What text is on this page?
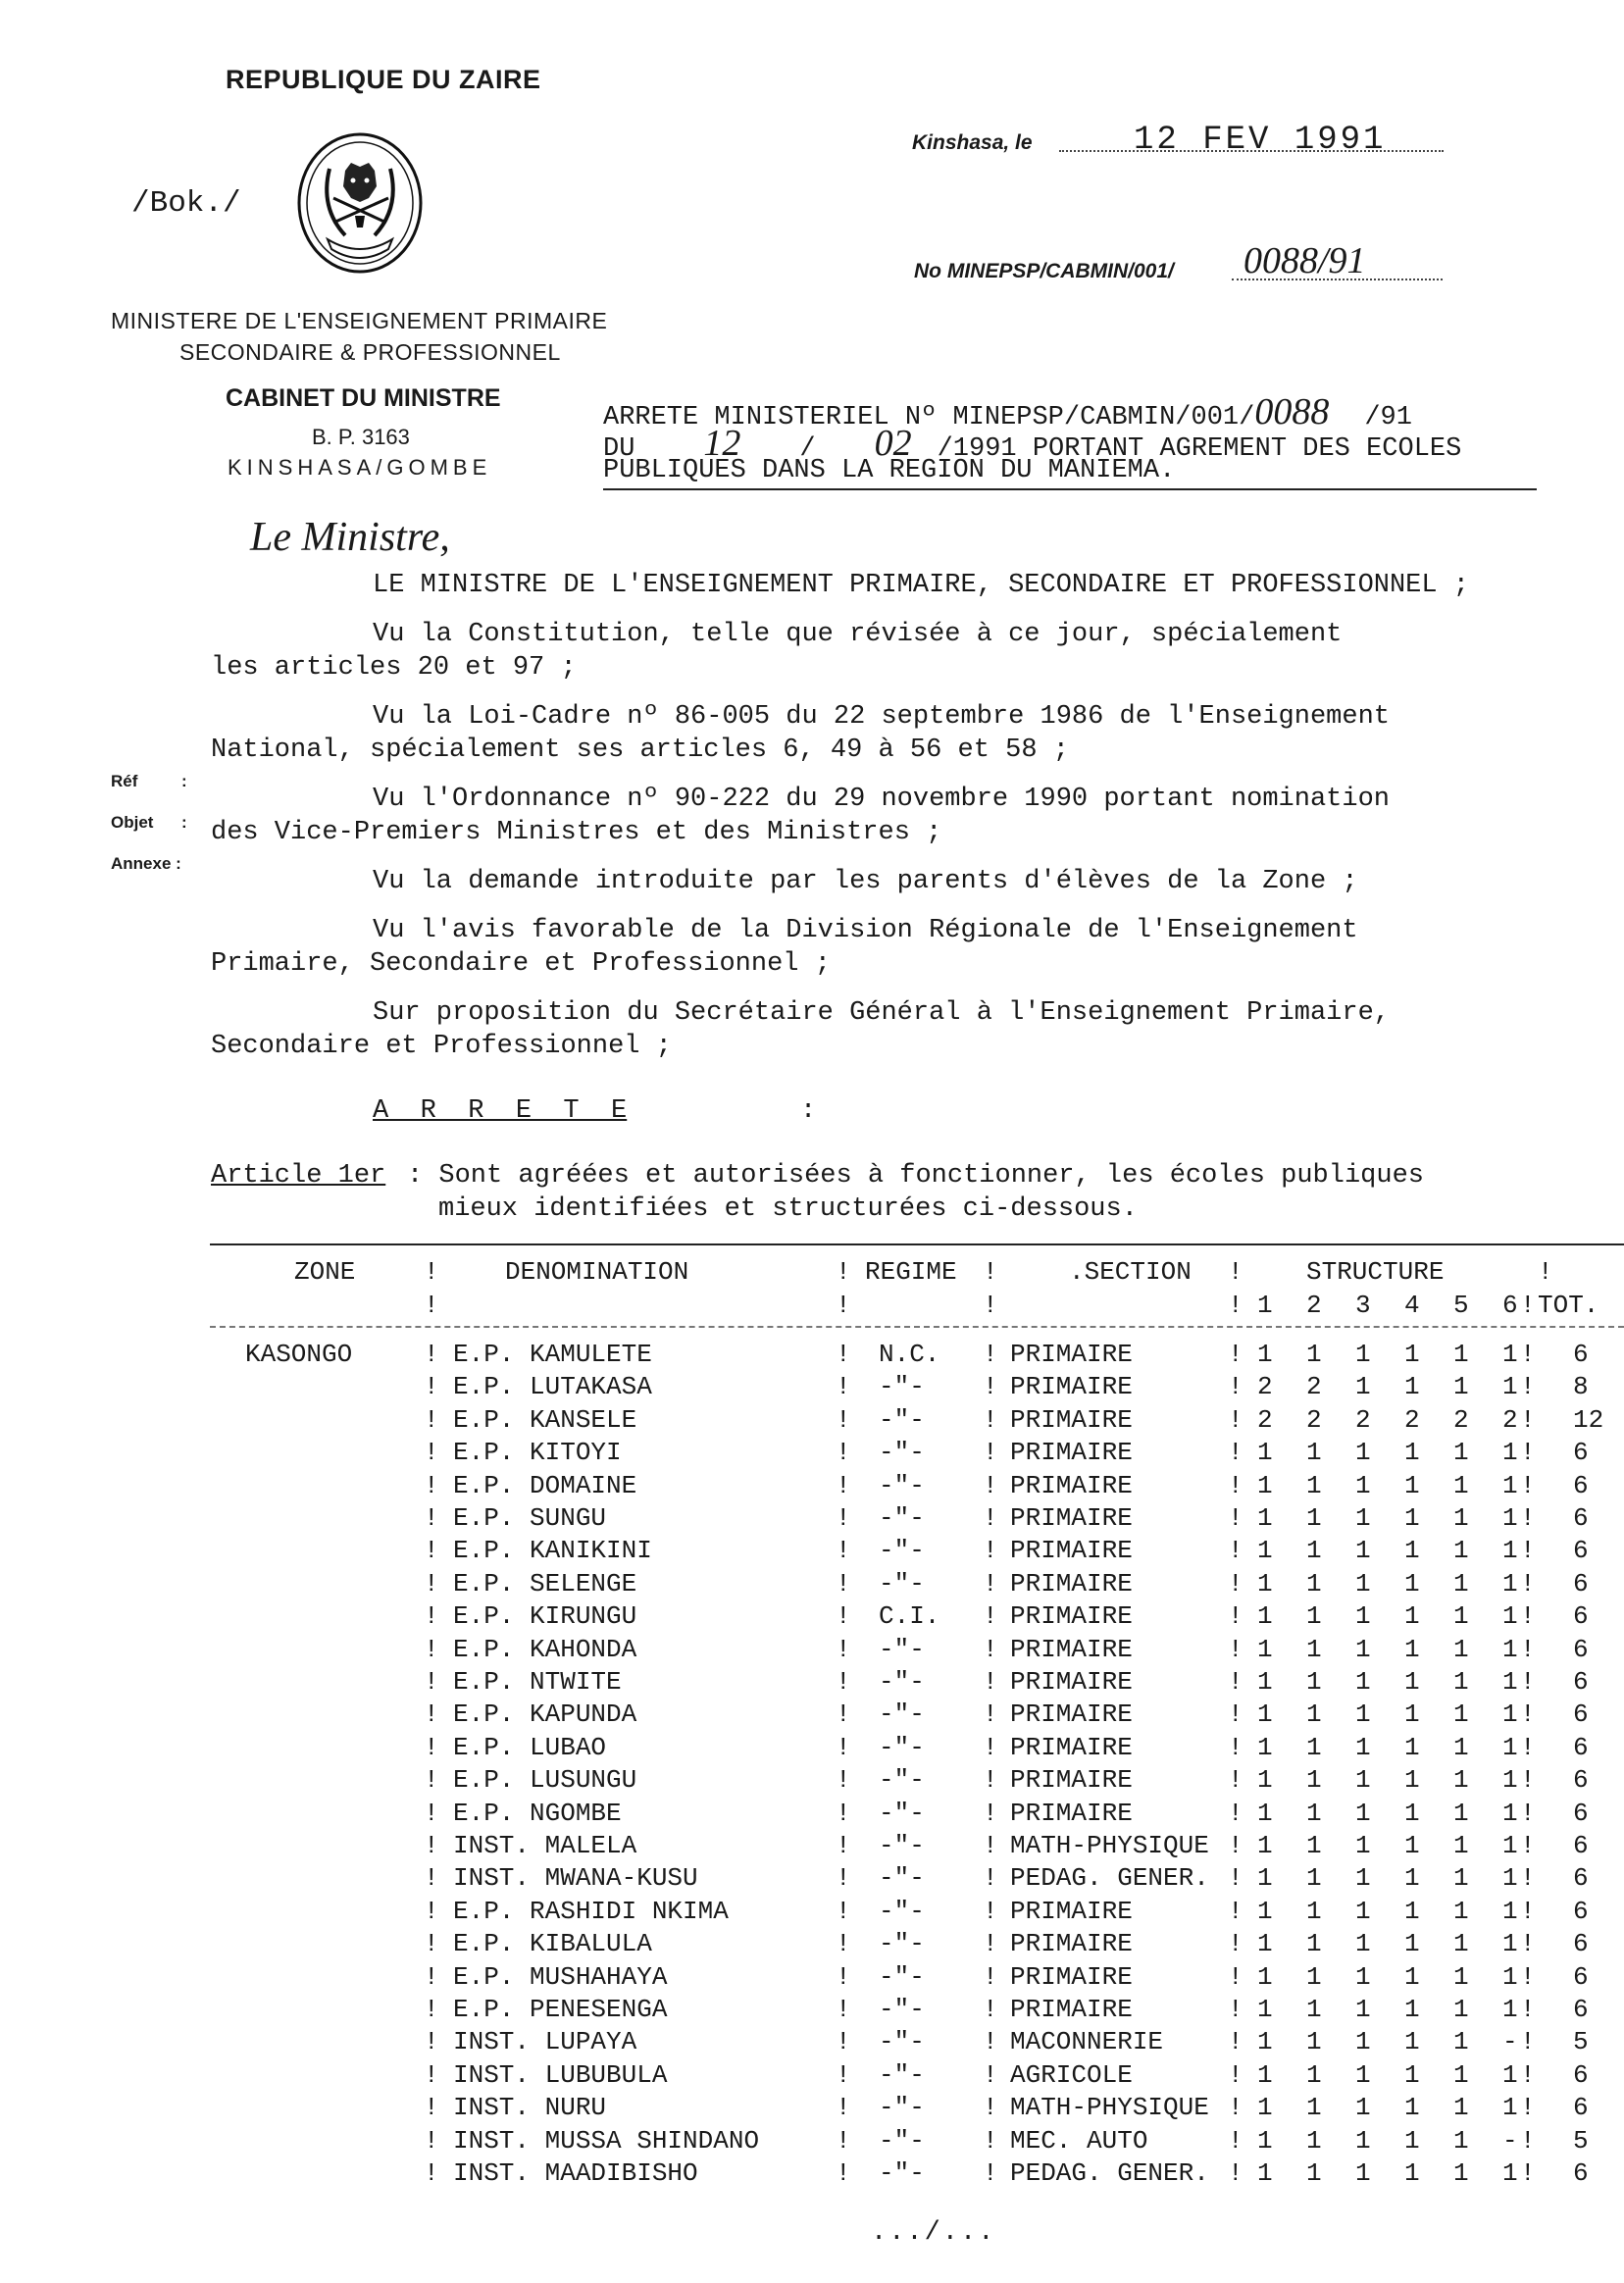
REPUBLIQUE DU ZAIRE
/Bok./
MINISTERE DE L'ENSEIGNEMENT PRIMAIRE
SECONDAIRE & PROFESSIONNEL
CABINET DU MINISTRE
B. P. 3163
KINSHASA/GOMBE
Kinshasa, le	12 FEV 1991
No MINEPSP/CABMIN/001/ 0088/91
Réf	:
Objet :
Annexe :
ARRETE MINISTERIEL Nº MINEPSP/CABMIN/001/0088 /91
DU 12 / 02 /1991 PORTANT AGREMENT DES ECOLES
PUBLIQUES DANS LA REGION DU MANIEMA.
Le Ministre,
LE MINISTRE DE L'ENSEIGNEMENT PRIMAIRE, SECONDAIRE ET PROFESSIONNEL ;
Vu la Constitution, telle que révisée à ce jour, spécialement
les articles 20 et 97 ;
Vu la Loi-Cadre nº 86-005 du 22 septembre 1986 de l'Enseignement
National, spécialement ses articles 6, 49 à 56 et 58 ;
Vu l'Ordonnance nº 90-222 du 29 novembre 1990 portant nomination
des Vice-Premiers Ministres et des Ministres ;
Vu la demande introduite par les parents d'élèves de la Zone ;
Vu l'avis favorable de la Division Régionale de l'Enseignement
Primaire, Secondaire et Professionnel ;
Sur proposition du Secrétaire Général à l'Enseignement Primaire,
Secondaire et Professionnel ;
A  R  R  E  T  E	:
Article 1er : Sont agréées et autorisées à fonctionner, les écoles publiques
mieux identifiées et structurées ci-dessous.
ZONE	!	DENOMINATION	! REGIME !	.SECTION ! STRUCTURE	!
!	!	!	! 1 2 3 4 5 6 ! TOT.
KASONGO	! E.P. KAMULETE	! N.C. ! PRIMAIRE	! 1 1 1 1 1 1 ! 6
! E.P. LUTAKASA	! -"- ! PRIMAIRE	! 2 2 1 1 1 1 ! 8
! E.P. KANSELE	! -"- ! PRIMAIRE	! 2 2 2 2 2 2 ! 12
! E.P. KITOYI	! -"- ! PRIMAIRE	! 1 1 1 1 1 1 ! 6
! E.P. DOMAINE	! -"- ! PRIMAIRE	! 1 1 1 1 1 1 ! 6
! E.P. SUNGU	! -"- ! PRIMAIRE	! 1 1 1 1 1 1 ! 6
! E.P. KANIKINI	! -"- ! PRIMAIRE	! 1 1 1 1 1 1 ! 6
! E.P. SELENGE	! -"- ! PRIMAIRE	! 1 1 1 1 1 1 ! 6
! E.P. KIRUNGU	! C.I. ! PRIMAIRE	! 1 1 1 1 1 1 ! 6
! E.P. KAHONDA	! -"- ! PRIMAIRE	! 1 1 1 1 1 1 ! 6
! E.P. NTWITE	! -"- ! PRIMAIRE	! 1 1 1 1 1 1 ! 6
! E.P. KAPUNDA	! -"- ! PRIMAIRE	! 1 1 1 1 1 1 ! 6
! E.P. LUBAO	! -"- ! PRIMAIRE	! 1 1 1 1 1 1 ! 6
! E.P. LUSUNGU	! -"- ! PRIMAIRE	! 1 1 1 1 1 1 ! 6
! E.P. NGOMBE	! -"- ! PRIMAIRE	! 1 1 1 1 1 1 ! 6
! INST. MALELA	! -"- ! MATH-PHYSIQUE ! 1 1 1 1 1 1 ! 6
! INST. MWANA-KUSU	! -"- ! PEDAG. GENER. ! 1 1 1 1 1 1 ! 6
! E.P. RASHIDI NKIMA	! -"- ! PRIMAIRE	! 1 1 1 1 1 1 ! 6
! E.P. KIBALULA	! -"- ! PRIMAIRE	! 1 1 1 1 1 1 ! 6
! E.P. MUSHAHAYA	! -"- ! PRIMAIRE	! 1 1 1 1 1 1 ! 6
! E.P. PENESENGA	! -"- ! PRIMAIRE	! 1 1 1 1 1 1 ! 6
! INST. LUPAYA	! -"- ! MACONNERIE	! 1 1 1 1 1 - ! 5
! INST. LUBUBULA	! -"- ! AGRICOLE	! 1 1 1 1 1 1 ! 6
! INST. NURU	! -"- ! MATH-PHYSIQUE ! 1 1 1 1 1 1 ! 6
! INST. MUSSA SHINDANO	! -"- ! MEC. AUTO	! 1 1 1 1 1 - ! 5
! INST. MAADIBISHO	! -"- ! PEDAG. GENER. ! 1 1 1 1 1 1 ! 6
.../...
